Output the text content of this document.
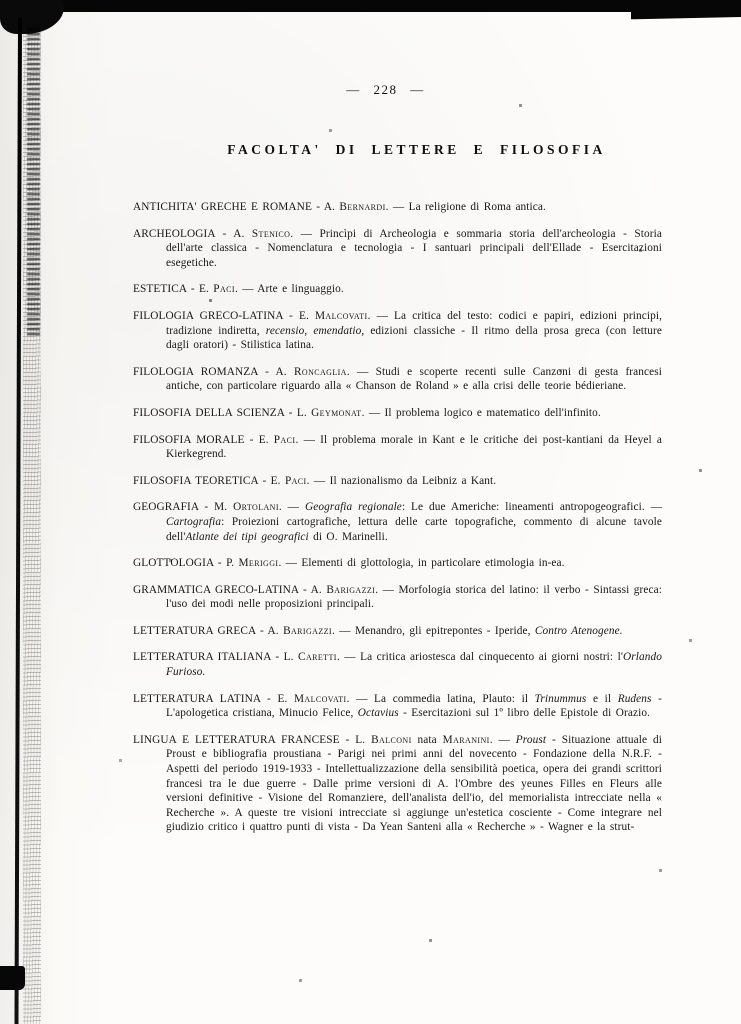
— 228 —
FACOLTA' DI LETTERE E FILOSOFIA

ANTICHITA' GRECHE E ROMANE - A. Bernardi. — La religione di Roma antica.

ARCHEOLOGIA - A. Stenico. — Princìpi di Archeologia e sommaria storia dell'archeologia - Storia dell'arte classica - Nomenclatura e tecnologia - I santuari principali dell'Ellade - Esercitazioni esegetiche.

ESTETICA - E. Paci. — Arte e linguaggio.

FILOLOGIA GRECO-LATINA - E. Malcovati. — La critica del testo: codici e papiri, edizioni principi, tradizione indiretta, recensio, emendatio, edizioni classiche - Il ritmo della prosa greca (con letture dagli oratori) - Stilistica latina.

FILOLOGIA ROMANZA - A. Roncaglia. — Studi e scoperte recenti sulle Canzoni di gesta francesi antiche, con particolare riguardo alla « Chanson de Roland » e alla crisi delle teorie bédieriane.

FILOSOFIA DELLA SCIENZA - L. Geymonat. — Il problema logico e matematico dell'infinito.

FILOSOFIA MORALE - E. Paci. — Il problema morale in Kant e le critiche dei post-kantiani da Heyel a Kierkegrend.

FILOSOFIA TEORETICA - E. Paci. — Il nazionalismo da Leibniz a Kant.

GEOGRAFIA - M. Ortolani. — Geografia regionale: Le due Americhe: lineamenti antropogeografici. — Cartografia: Proiezioni cartografiche, lettura delle carte topografiche, commento di alcune tavole dell'Atlante dei tipi geografici di O. Marinelli.

GLOTTOLOGIA - P. Meriggi. — Elementi di glottologia, in particolare etimologia in-ea.

GRAMMATICA GRECO-LATINA - A. Barigazzi. — Morfologia storica del latino: il verbo - Sintassi greca: l'uso dei modi nelle proposizioni principali.

LETTERATURA GRECA - A. Barigazzi. — Menandro, gli epitrepontes - Iperide, Contro Atenogene.

LETTERATURA ITALIANA - L. Caretti. — La critica ariostesca dal cinquecento ai giorni nostri: l'Orlando Furioso.

LETTERATURA LATINA - E. Malcovati. — La commedia latina, Plauto: il Trinummus e il Rudens - L'apologetica cristiana, Minucio Felice, Octavius - Esercitazioni sul 1º libro delle Epistole di Orazio.

LINGUA E LETTERATURA FRANCESE - L. Balconi nata Maranini. — Proust - Situazione attuale di Proust e bibliografia proustiana - Parigi nei primi anni del novecento - Fondazione della N.R.F. - Aspetti del periodo 1919-1933 - Intellettualizzazione della sensibilità poetica, opera dei grandi scrittori francesi tra le due guerre - Dalle prime versioni di A. l'Ombre des yeunes Filles en Fleurs alle versioni definitive - Visione del Romanziere, dell'analista dell'io, del memorialista intrecciate nella « Recherche ». A queste tre visioni intrecciate si aggiunge un'estetica cosciente - Come integrare nel giudizio critico i quattro punti di vista - Da Yean Santeni alla « Recherche » - Wagner e la strut-
